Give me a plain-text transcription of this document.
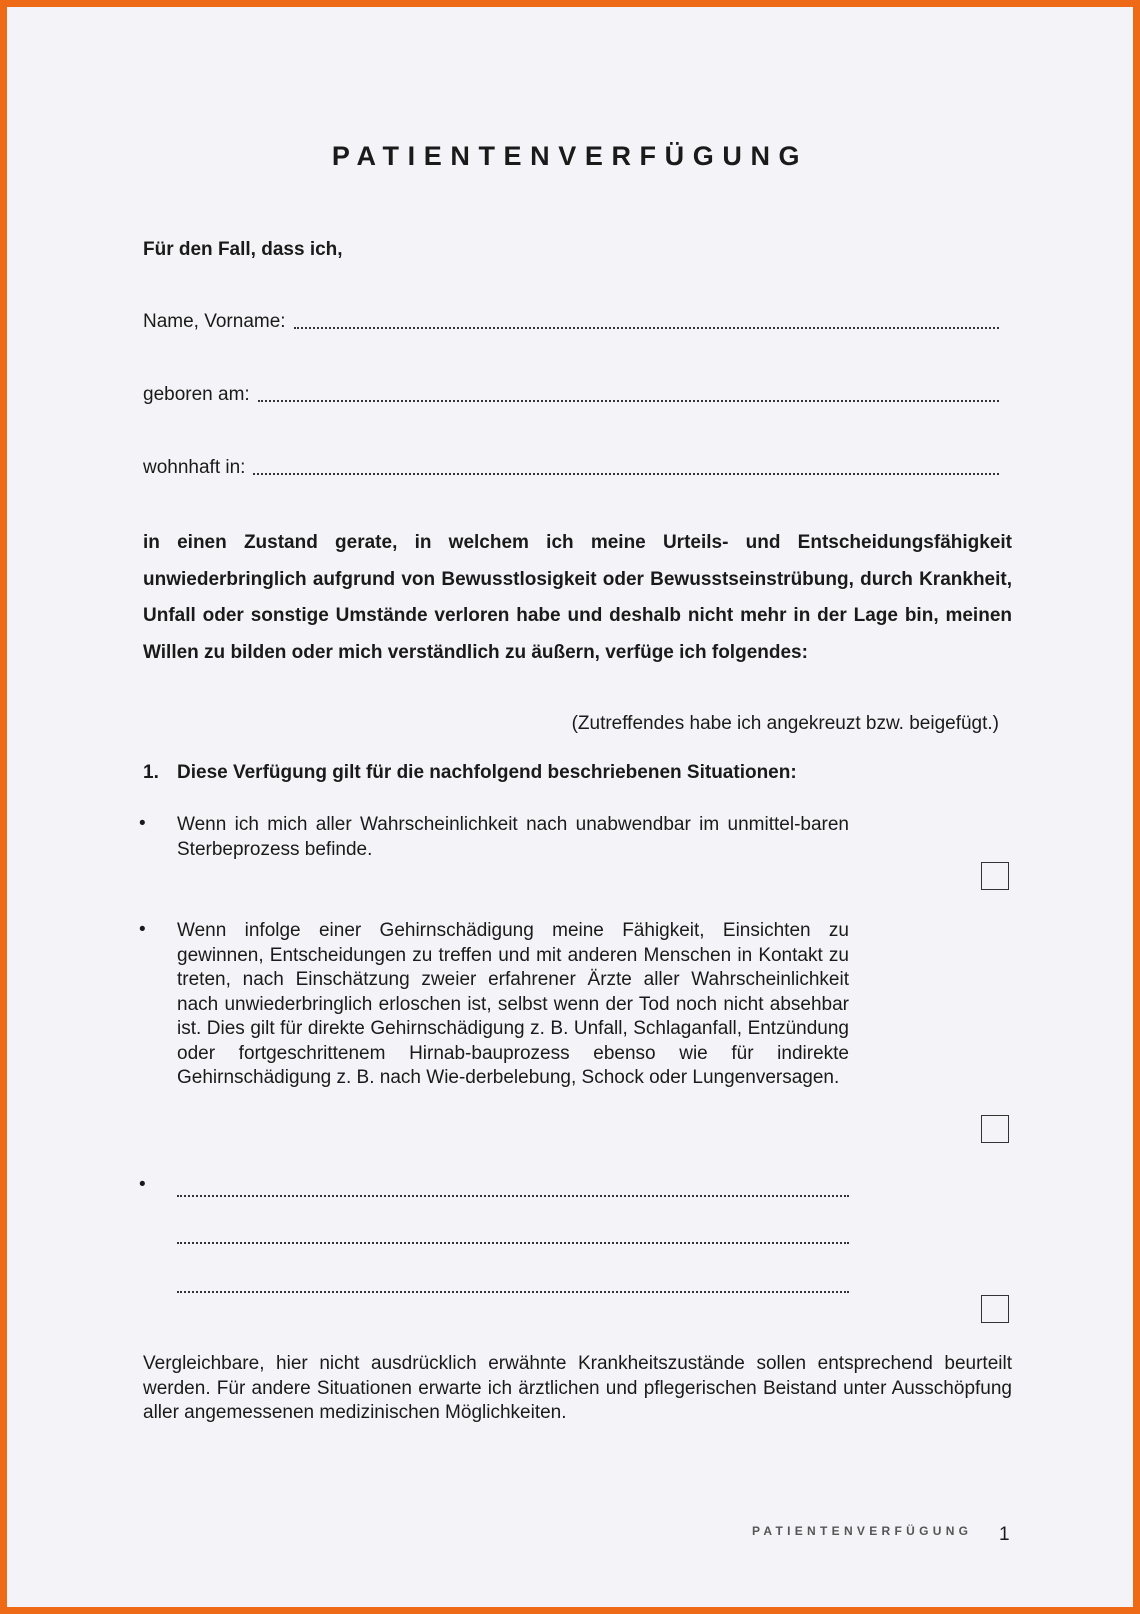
PATIENTENVERFÜGUNG
Für den Fall, dass ich,
Name, Vorname:
geboren am:
wohnhaft in:
in einen Zustand gerate, in welchem ich meine Urteils- und Entscheidungsfähigkeit unwiederbringlich aufgrund von Bewusstlosigkeit oder Bewusstseinstrübung, durch Krankheit, Unfall oder sonstige Umstände verloren habe und deshalb nicht mehr in der Lage bin, meinen Willen zu bilden oder mich verständlich zu äußern, verfüge ich folgendes:
(Zutreffendes habe ich angekreuzt bzw. beigefügt.)
1. Diese Verfügung gilt für die nachfolgend beschriebenen Situationen:
• Wenn ich mich aller Wahrscheinlichkeit nach unabwendbar im unmittel-baren Sterbeprozess befinde.
• Wenn infolge einer Gehirnschädigung meine Fähigkeit, Einsichten zu gewinnen, Entscheidungen zu treffen und mit anderen Menschen in Kontakt zu treten, nach Einschätzung zweier erfahrener Ärzte aller Wahrscheinlichkeit nach unwiederbringlich erloschen ist, selbst wenn der Tod noch nicht absehbar ist. Dies gilt für direkte Gehirnschädigung z. B. Unfall, Schlaganfall, Entzündung oder fortgeschrittenem Hirnab-bauprozess ebenso wie für indirekte Gehirnschädigung z. B. nach Wie-derbelebung, Schock oder Lungenversagen.
•
Vergleichbare, hier nicht ausdrücklich erwähnte Krankheitszustände sollen entsprechend beurteilt werden. Für andere Situationen erwarte ich ärztlichen und pflegerischen Beistand unter Ausschöpfung aller angemessenen medizinischen Möglichkeiten.
PATIENTENVERFÜGUNG 1
